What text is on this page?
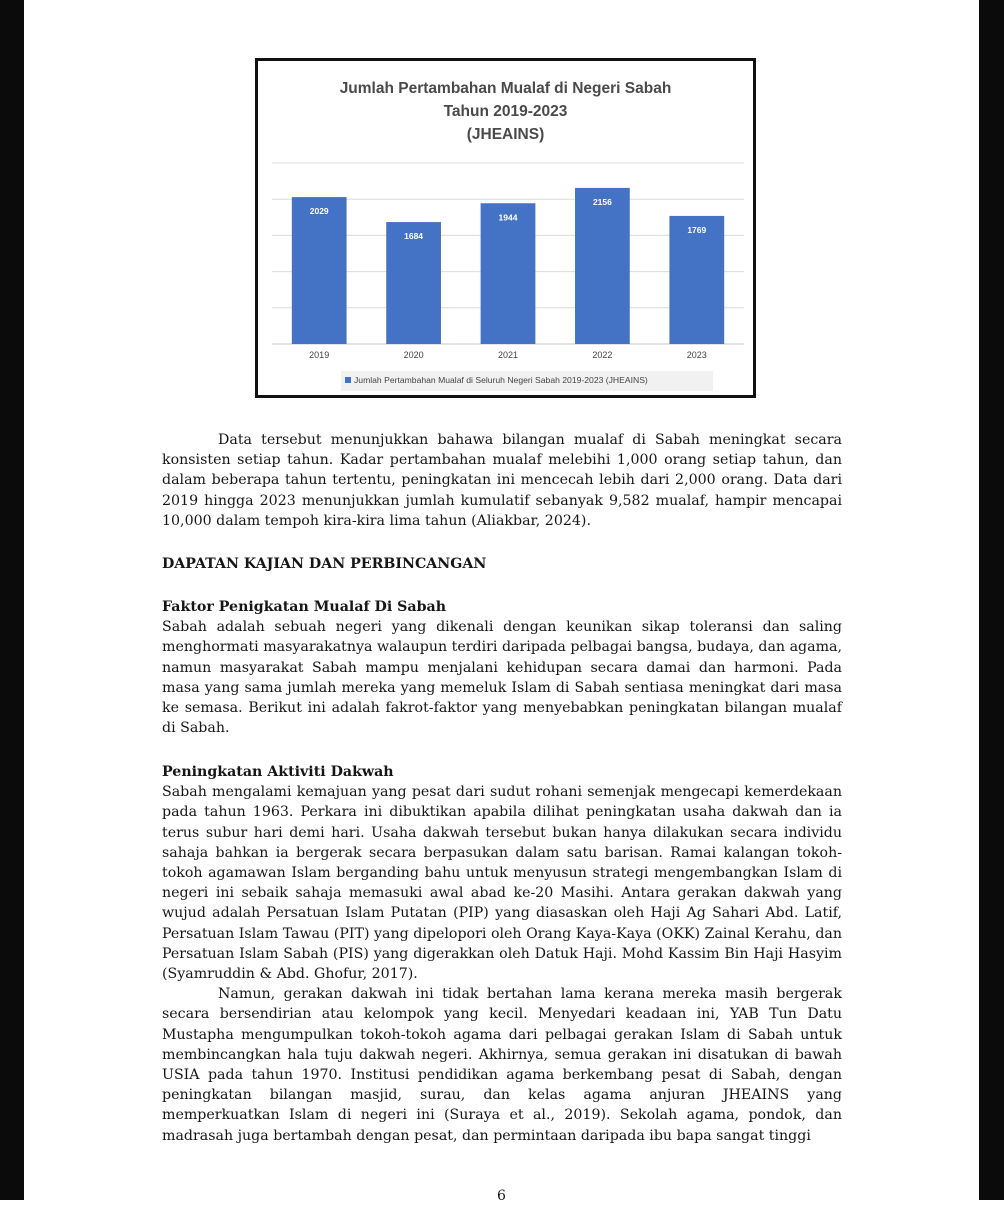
Jumlah Pertambahan Mualaf di Negeri Sabah
Tahun 2019-2023
(JHEAINS)
2029
2019
1684
2020
1944
2021
2156
2022
1769
2023
Jumlah Pertambahan Mualaf di Seluruh Negeri Sabah 2019-2023 (JHEAINS)

Data tersebut menunjukkan bahawa bilangan mualaf di Sabah meningkat secara konsisten setiap tahun. Kadar pertambahan mualaf melebihi 1,000 orang setiap tahun, dan dalam beberapa tahun tertentu, peningkatan ini mencecah lebih dari 2,000 orang. Data dari 2019 hingga 2023 menunjukkan jumlah kumulatif sebanyak 9,582 mualaf, hampir mencapai 10,000 dalam tempoh kira-kira lima tahun (Aliakbar, 2024).

DAPATAN KAJIAN DAN PERBINCANGAN

Faktor Penigkatan Mualaf Di Sabah

Sabah adalah sebuah negeri yang dikenali dengan keunikan sikap toleransi dan saling menghormati masyarakatnya walaupun terdiri daripada pelbagai bangsa, budaya, dan agama, namun masyarakat Sabah mampu menjalani kehidupan secara damai dan harmoni. Pada masa yang sama jumlah mereka yang memeluk Islam di Sabah sentiasa meningkat dari masa ke semasa. Berikut ini adalah fakrot-faktor yang menyebabkan peningkatan bilangan mualaf di Sabah.

Peningkatan Aktiviti Dakwah

Sabah mengalami kemajuan yang pesat dari sudut rohani semenjak mengecapi kemerdekaan pada tahun 1963. Perkara ini dibuktikan apabila dilihat peningkatan usaha dakwah dan ia terus subur hari demi hari. Usaha dakwah tersebut bukan hanya dilakukan secara individu sahaja bahkan ia bergerak secara berpasukan dalam satu barisan. Ramai kalangan tokoh-tokoh agamawan Islam berganding bahu untuk menyusun strategi mengembangkan Islam di negeri ini sebaik sahaja memasuki awal abad ke-20 Masihi. Antara gerakan dakwah yang wujud adalah Persatuan Islam Putatan (PIP) yang diasaskan oleh Haji Ag Sahari Abd. Latif, Persatuan Islam Tawau (PIT) yang dipelopori oleh Orang Kaya-Kaya (OKK) Zainal Kerahu, dan Persatuan Islam Sabah (PIS) yang digerakkan oleh Datuk Haji. Mohd Kassim Bin Haji Hasyim (Syamruddin & Abd. Ghofur, 2017).

Namun, gerakan dakwah ini tidak bertahan lama kerana mereka masih bergerak secara bersendirian atau kelompok yang kecil. Menyedari keadaan ini, YAB Tun Datu Mustapha mengumpulkan tokoh-tokoh agama dari pelbagai gerakan Islam di Sabah untuk membincangkan hala tuju dakwah negeri. Akhirnya, semua gerakan ini disatukan di bawah USIA pada tahun 1970. Institusi pendidikan agama berkembang pesat di Sabah, dengan peningkatan bilangan masjid, surau, dan kelas agama anjuran JHEAINS yang memperkuatkan Islam di negeri ini (Suraya et al., 2019). Sekolah agama, pondok, dan madrasah juga bertambah dengan pesat, dan permintaan daripada ibu bapa sangat tinggi

6
